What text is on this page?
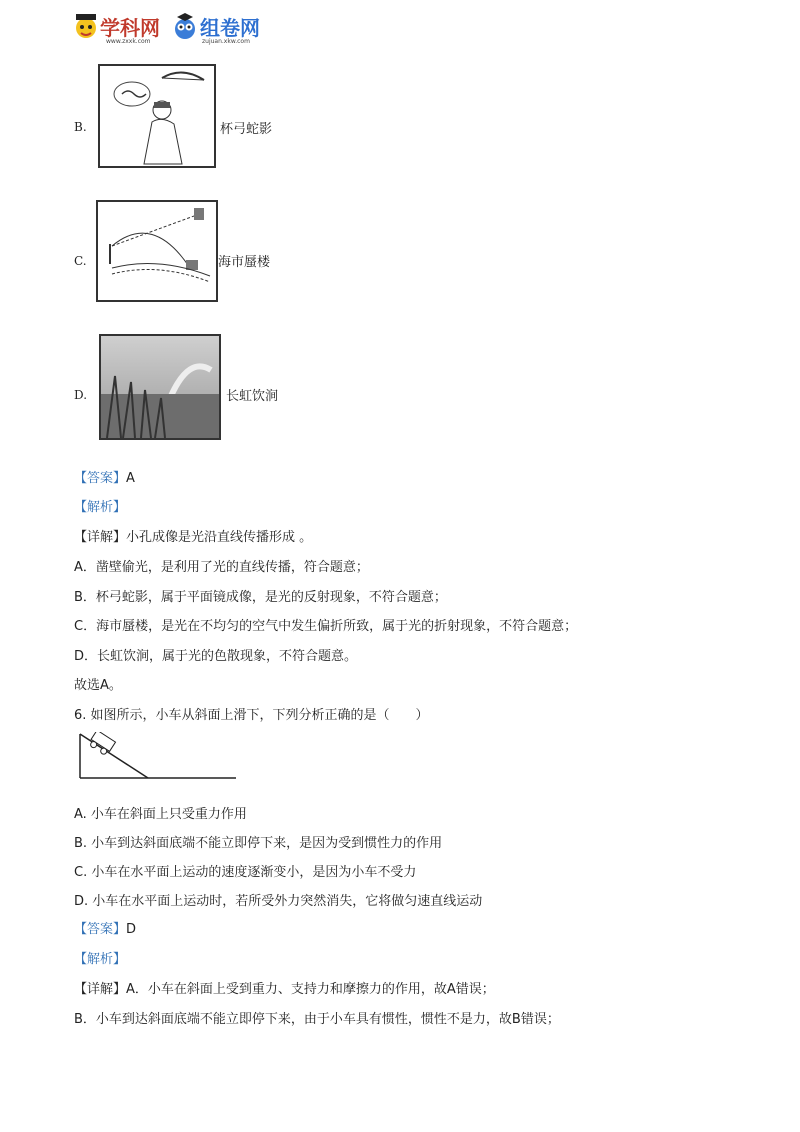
学科网
www.zxxk.com
组卷网
zujuan.xkw.com
B.	杯弓蛇影
C.	海市蜃楼
D.	长虹饮涧
【答案】A
【解析】
【详解】小孔成像是光沿直线传播形成 。
A．凿壁偷光，是利用了光的直线传播，符合题意；
B．杯弓蛇影，属于平面镜成像，是光的反射现象，不符合题意；
C．海市蜃楼，是光在不均匀的空气中发生偏折所致，属于光的折射现象，不符合题意；
D．长虹饮涧，属于光的色散现象，不符合题意。
故选A。
6. 如图所示，小车从斜面上滑下，下列分析正确的是（　　）
A. 小车在斜面上只受重力作用
B. 小车到达斜面底端不能立即停下来，是因为受到惯性力的作用
C. 小车在水平面上运动的速度逐渐变小，是因为小车不受力
D. 小车在水平面上运动时，若所受外力突然消失，它将做匀速直线运动
【答案】D
【解析】
【详解】A．小车在斜面上受到重力、支持力和摩擦力的作用，故A错误；
B．小车到达斜面底端不能立即停下来，由于小车具有惯性，惯性不是力，故B错误；
